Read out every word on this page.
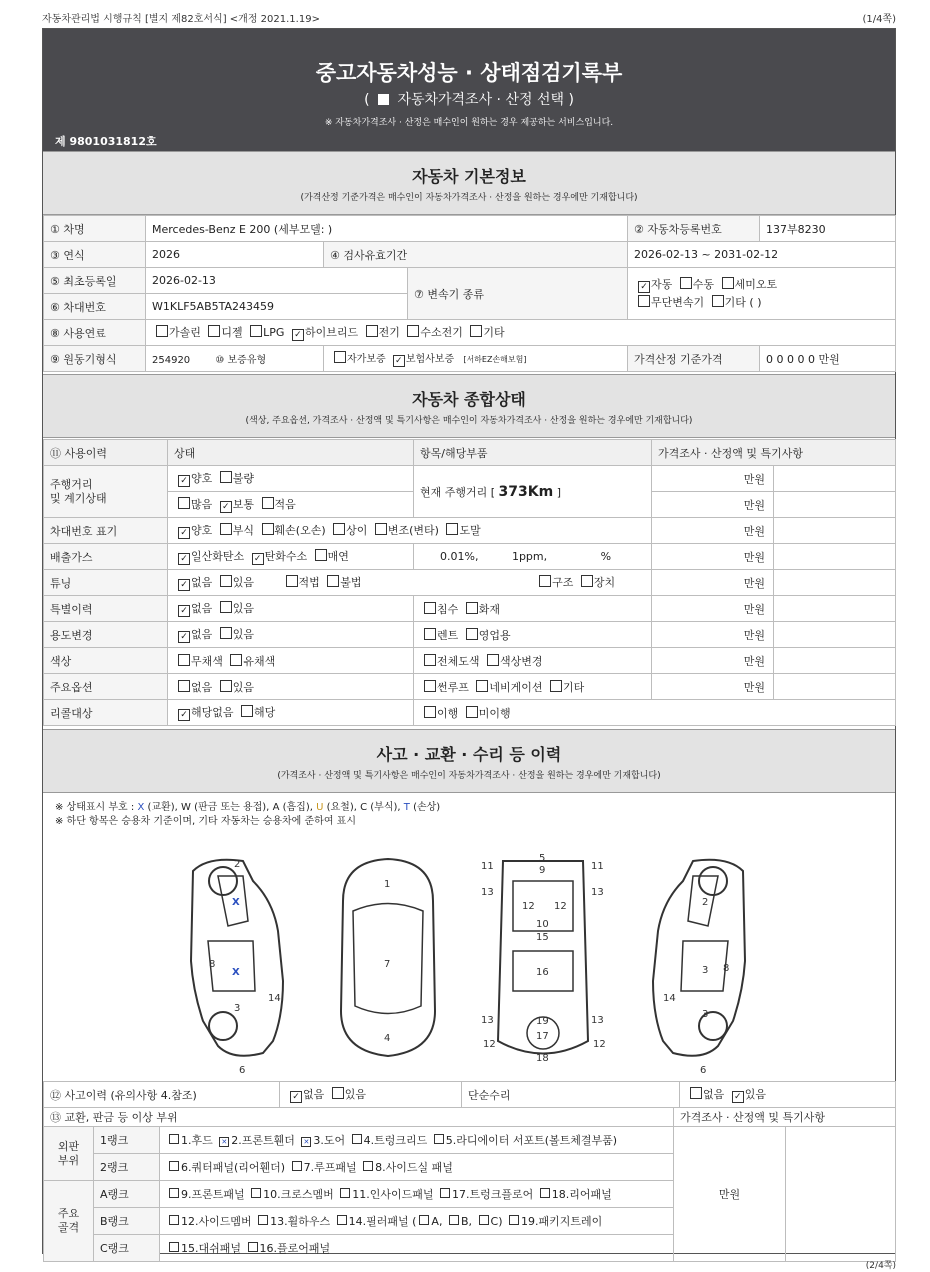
자동차관리법 시행규칙 [별지 제82호서식] <개정 2021.1.19>	(1/4쪽)
중고자동차성능 · 상태점검기록부
(  자동차가격조사 · 산정 선택 )
※ 자동차가격조사 · 산정은 매수인이 원하는 경우 제공하는 서비스입니다.
제 9801031812호
자동차 기본정보
(가격산정 기준가격은 매수인이 자동차가격조사 · 산정을 원하는 경우에만 기재합니다)
① 차명	Mercedes-Benz E 200 (세부모델: )			② 자동차등록번호	137부8230
③ 연식	2026	④ 검사유효기간		2026-02-13 ~ 2031-02-12	
⑤ 최초등록일	2026-02-13		⑦ 변속기 종류	✓자동 수동 세미오토
무단변속기 기타 ( )
⑥ 차대번호	W1KLF5AB5TA243459				
⑧ 사용연료	가솔린 디젤 LPG ✓ 하이브리드 전기 수소전기 기타
⑨ 원동기형식	254920 ⑩ 보증유형	자가보증 ✓ 보험사보증 [서하EZ손해보험]		가격산정 기준가격	0 0 0 0 0 만원
자동차 종합상태
(색상, 주요옵션, 가격조사 · 산정액 및 특기사항은 매수인이 자동차가격조사 · 산정을 원하는 경우에만 기재합니다)
⑪ 사용이력	상태	항목/해당부품	가격조사 · 산정액 및 특기사항	
주행거리
및 계기상태	✓양호 불량	현재 주행거리 [ 373Km ]	만원	
	많음 ✓ 보통 적음		만원	
차대번호 표기	✓양호 부식 훼손(오손) 상이 변조(변타) 도말		만원	
배출가스	✓일산화탄소 ✓ 탄화수소 매연	0.01%, 1ppm, %	만원	
튜닝	✓없음 있음 적법 불법 구조 장치		만원	
특별이력	✓없음 있음	침수 화재	만원	
용도변경	✓없음 있음	렌트 영업용	만원	
색상	무채색 유채색	전체도색 색상변경	만원	
주요옵션	없음 있음	썬루프 네비게이션 기타	만원	
리콜대상	✓해당없음 해당	이행 미이행		
사고 · 교환 · 수리 등 이력
(가격조사 · 산정액 및 특기사항은 매수인이 자동차가격조사 · 산정을 원하는 경우에만 기재합니다)
※ 상태표시 부호 : X (교환), W (판금 또는 용접), A (흠집), U (요철), C (부식), T (손상)
※ 하단 항목은 승용차 기준이며, 기타 자동차는 승용차에 준하여 표시
2
X
8
X
3
14
6
1
7
4
5
9
11	11
13	13
12 12
10
15
16
13	13
19
12	12
17
18
2
3 8
14
3
6
⑫ 사고이력 (유의사항 4.참조)	✓없음 있음	단순수리	없음 ✓ 있음
⑬ 교환, 판금 등 이상 부위			가격조사 · 산정액 및 특기사항	
외판
부위	1랭크	1.후드 ✕ 2.프론트휀더 ✕ 3.도어 4.트렁크리드 5.라디에이터 서포트(볼트체결부품)	만원	
	2랭크	6.쿼터패널(리어휀더) 7.루프패널 8.사이드실 패널		
주요
골격	A랭크	9.프론트패널 10.크로스멤버 11.인사이드패널 17.트렁크플로어 18.리어패널		
	B랭크	12.사이드멤버 13.휠하우스 14.필러패널 ( A, B, C) 19.패키지트레이		
	C랭크	15.대쉬패널 16.플로어패널		
(2/4쪽)
